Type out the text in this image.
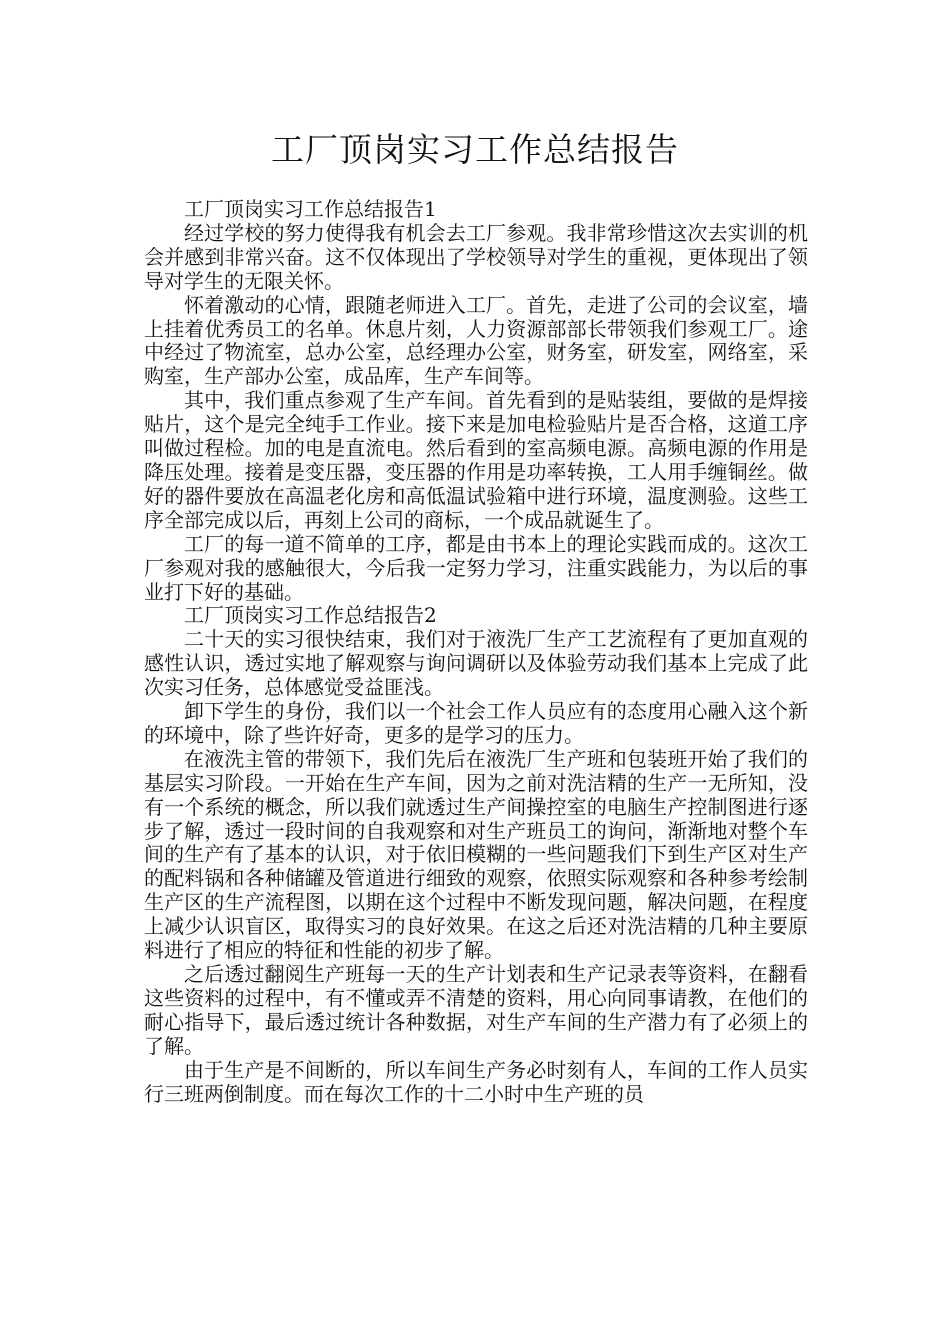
工厂顶岗实习工作总结报告

工厂顶岗实习工作总结报告1

经过学校的努力使得我有机会去工厂参观。我非常珍惜这次去实训的机会并感到非常兴奋。这不仅体现出了学校领导对学生的重视，更体现出了领导对学生的无限关怀。

怀着激动的心情，跟随老师进入工厂。首先，走进了公司的会议室，墙上挂着优秀员工的名单。休息片刻，人力资源部部长带领我们参观工厂。途中经过了物流室，总办公室，总经理办公室，财务室，研发室，网络室，采购室，生产部办公室，成品库，生产车间等。

其中，我们重点参观了生产车间。首先看到的是贴装组，要做的是焊接贴片，这个是完全纯手工作业。接下来是加电检验贴片是否合格，这道工序叫做过程检。加的电是直流电。然后看到的室高频电源。高频电源的作用是降压处理。接着是变压器，变压器的作用是功率转换，工人用手缠铜丝。做好的器件要放在高温老化房和高低温试验箱中进行环境，温度测验。这些工序全部完成以后，再刻上公司的商标，一个成品就诞生了。

工厂的每一道不简单的工序，都是由书本上的理论实践而成的。这次工厂参观对我的感触很大，今后我一定努力学习，注重实践能力，为以后的事业打下好的基础。

工厂顶岗实习工作总结报告2

二十天的实习很快结束，我们对于液洗厂生产工艺流程有了更加直观的感性认识，透过实地了解观察与询问调研以及体验劳动我们基本上完成了此次实习任务，总体感觉受益匪浅。

卸下学生的身份，我们以一个社会工作人员应有的态度用心融入这个新的环境中，除了些许好奇，更多的是学习的压力。

在液洗主管的带领下，我们先后在液洗厂生产班和包装班开始了我们的基层实习阶段。一开始在生产车间，因为之前对洗洁精的生产一无所知，没有一个系统的概念，所以我们就透过生产间操控室的电脑生产控制图进行逐步了解，透过一段时间的自我观察和对生产班员工的询问，渐渐地对整个车间的生产有了基本的认识，对于依旧模糊的一些问题我们下到生产区对生产的配料锅和各种储罐及管道进行细致的观察，依照实际观察和各种参考绘制生产区的生产流程图，以期在这个过程中不断发现问题，解决问题，在程度上减少认识盲区，取得实习的良好效果。在这之后还对洗洁精的几种主要原料进行了相应的特征和性能的初步了解。

之后透过翻阅生产班每一天的生产计划表和生产记录表等资料，在翻看这些资料的过程中，有不懂或弄不清楚的资料，用心向同事请教，在他们的耐心指导下，最后透过统计各种数据，对生产车间的生产潜力有了必须上的了解。

由于生产是不间断的，所以车间生产务必时刻有人，车间的工作人员实行三班两倒制度。而在每次工作的十二小时中生产班的员
